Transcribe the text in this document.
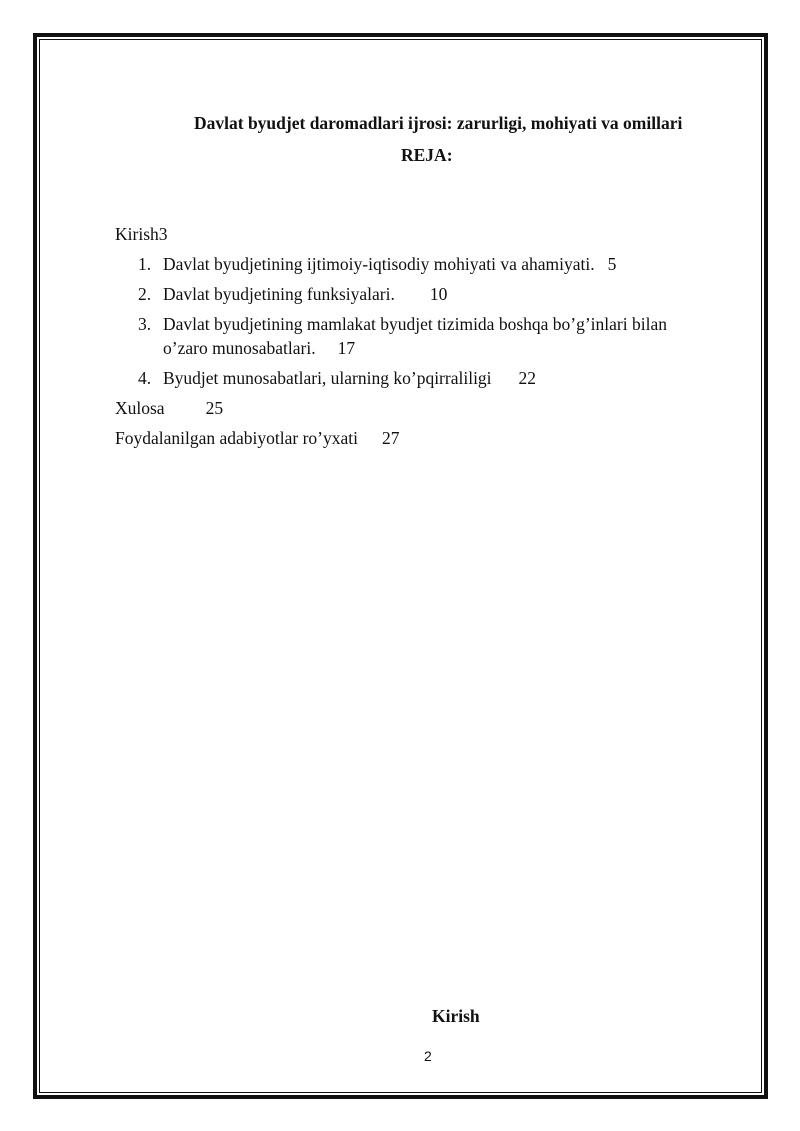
Davlat byudjet daromadlari ijrosi: zarurligi, mohiyati va omillari
REJA:
Kirish3
1. Davlat byudjetining ijtimoiy-iqtisodiy mohiyati va ahamiyati. 5
2. Davlat byudjetining funksiyalari. 10
3. Davlat byudjetining mamlakat byudjet tizimida boshqa bo’g’inlari bilan
o’zaro munosabatlari. 17
4. Byudjet munosabatlari, ularning ko’pqirraliligi 22
Xulosa 25
Foydalanilgan adabiyotlar ro’yxati 27
Kirish
2
